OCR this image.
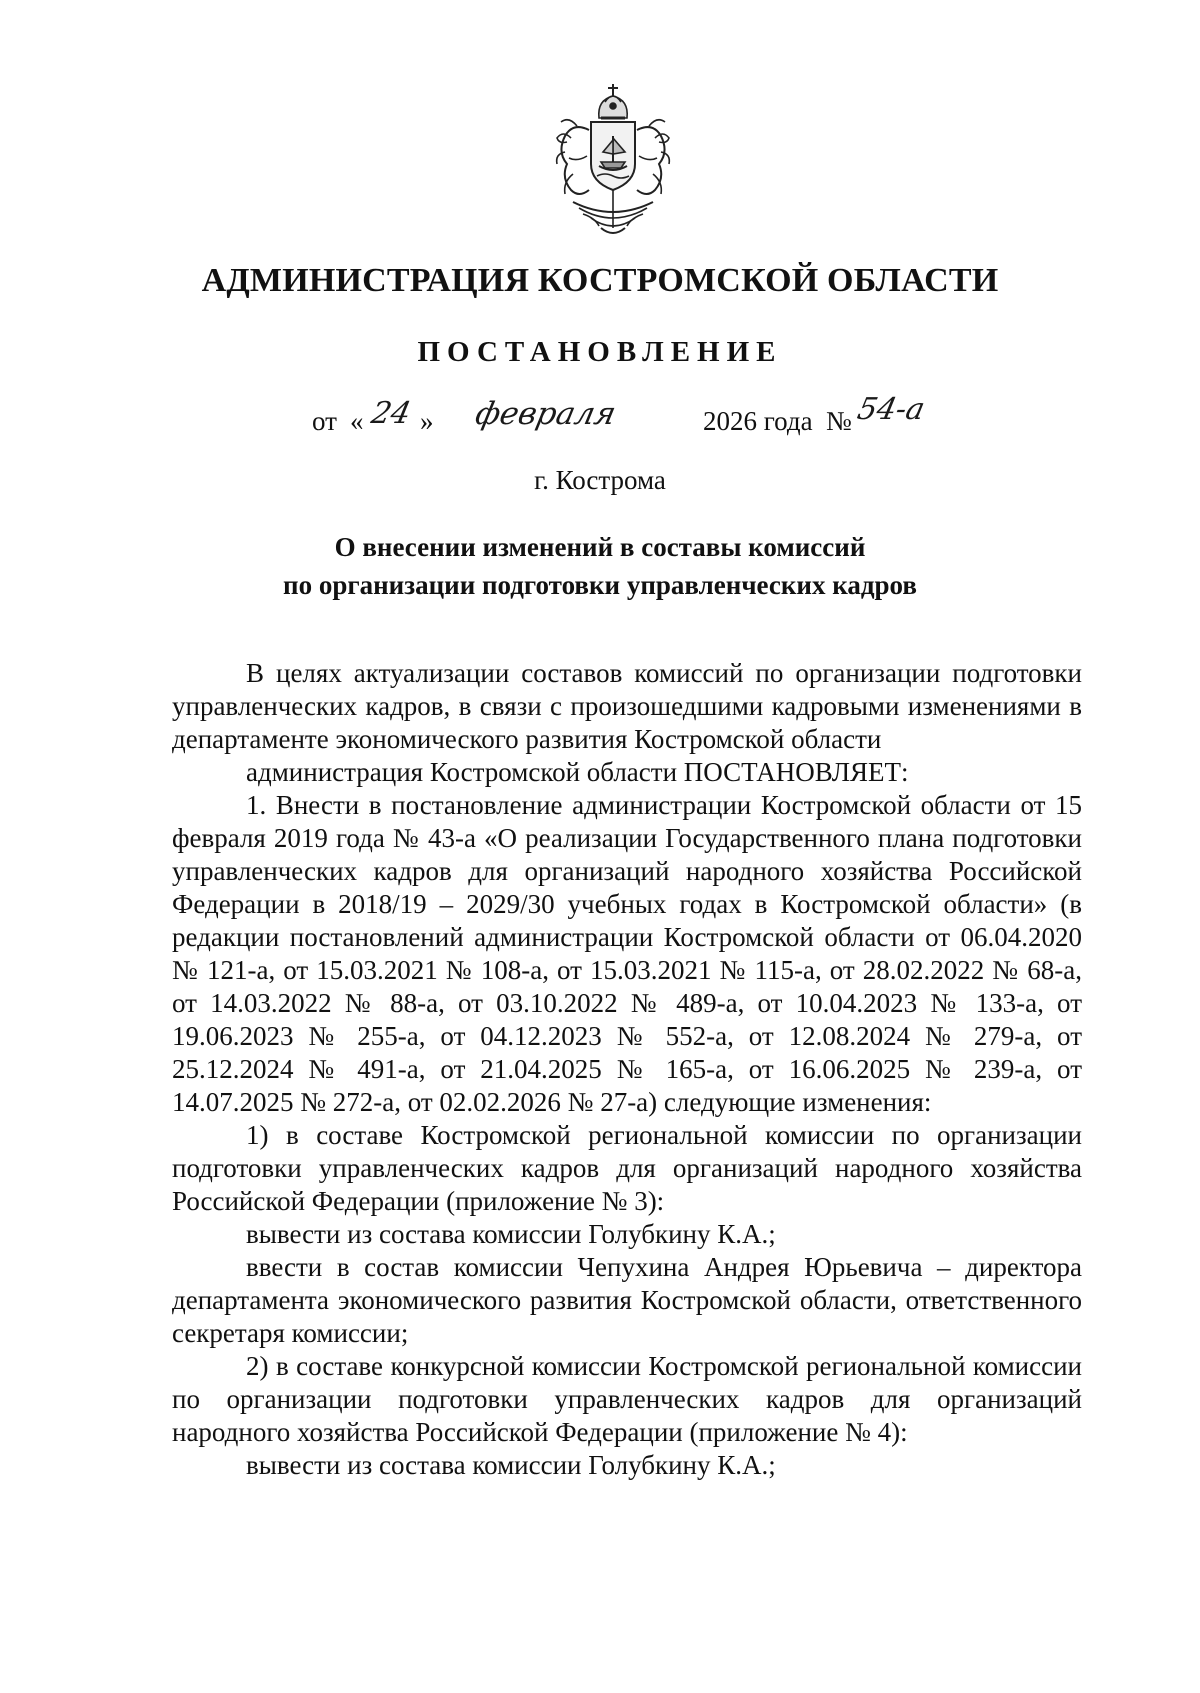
АДМИНИСТРАЦИЯ КОСТРОМСКОЙ ОБЛАСТИ
ПОСТАНОВЛЕНИЕ
от « 24 » февраля	2026 года № 54-а

г. Кострома

О внесении изменений в составы комиссий
по организации подготовки управленческих кадров

В целях актуализации составов комиссий по организации подготовки управленческих кадров, в связи с произошедшими кадровыми изменениями в департаменте экономического развития Костромской области

администрация Костромской области ПОСТАНОВЛЯЕТ:

1. Внести в постановление администрации Костромской области от 15 февраля 2019 года № 43-а «О реализации Государственного плана подготовки управленческих кадров для организаций народного хозяйства Российской Федерации в 2018/19 – 2029/30 учебных годах в Костромской области» (в редакции постановлений администрации Костромской области от 06.04.2020 № 121-а, от 15.03.2021 № 108-а, от 15.03.2021 № 115-а, от 28.02.2022 № 68-а, от 14.03.2022 № 88-а, от 03.10.2022 № 489-а, от 10.04.2023 № 133-а, от 19.06.2023 № 255-а, от 04.12.2023 № 552-а, от 12.08.2024 № 279-а, от 25.12.2024 № 491-а, от 21.04.2025 № 165-а, от 16.06.2025 № 239-а, от 14.07.2025 № 272-а, от 02.02.2026 № 27-а) следующие изменения:

1) в составе Костромской региональной комиссии по организации подготовки управленческих кадров для организаций народного хозяйства Российской Федерации (приложение № 3):

вывести из состава комиссии Голубкину К.А.;

ввести в состав комиссии Чепухина Андрея Юрьевича – директора департамента экономического развития Костромской области, ответственного секретаря комиссии;

2) в составе конкурсной комиссии Костромской региональной комиссии по организации подготовки управленческих кадров для организаций народного хозяйства Российской Федерации (приложение № 4):

вывести из состава комиссии Голубкину К.А.;
